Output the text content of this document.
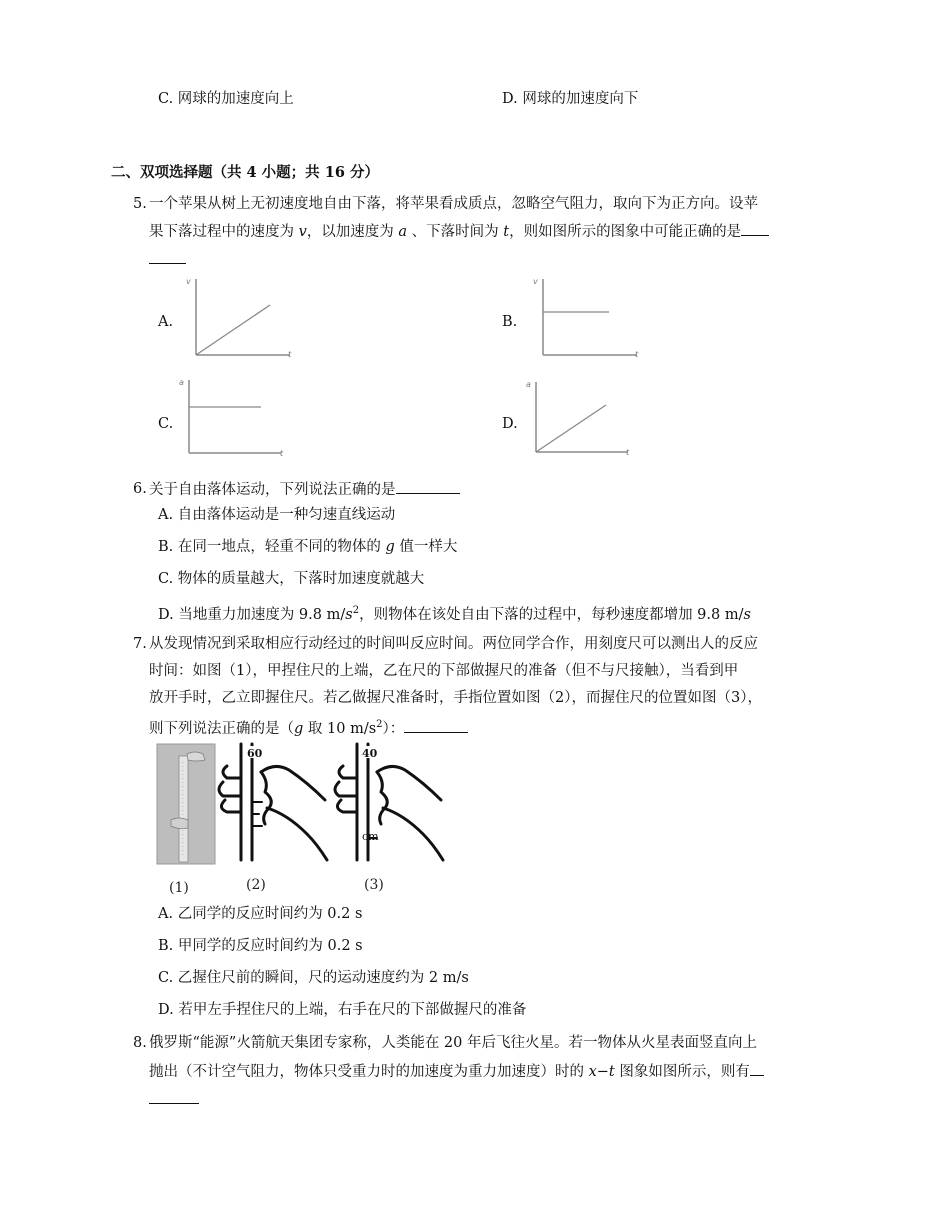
C. 网球的加速度向上	D. 网球的加速度向下
二、双项选择题（共 4 小题；共 16 分）
5. 一个苹果从树上无初速度地自由下落，将苹果看成质点，忽略空气阻力，取向下为正方向。设苹
果下落过程中的速度为 v，以加速度为 a 、下落时间为 t，则如图所示的图象中可能正确的是
A.
v
t
B.
v
t
C.
a
t
D.
a
t
6. 关于自由落体运动，下列说法正确的是
A. 自由落体运动是一种匀速直线运动
B. 在同一地点，轻重不同的物体的 g 值一样大
C. 物体的质量越大，下落时加速度就越大
D. 当地重力加速度为 9.8 $m/s^2$，则物体在该处自由下落的过程中，每秒速度都增加 9.8 m/s
7. 从发现情况到采取相应行动经过的时间叫反应时间。两位同学合作，用刻度尺可以测出人的反应
时间：如图（1），甲捏住尺的上端，乙在尺的下部做握尺的准备（但不与尺接触），当看到甲
放开手时，乙立即握住尺。若乙做握尺准备时，手指位置如图（2），而握住尺的位置如图（3），
则下列说法正确的是（g 取 10 $m/s^2$）：
60	40
cm
(1)	(2)	(3)
A. 乙同学的反应时间约为 0.2 s
B. 甲同学的反应时间约为 0.2 s
C. 乙握住尺前的瞬间，尺的运动速度约为 2 m/s
D. 若甲左手捏住尺的上端，右手在尺的下部做握尺的准备
8. 俄罗斯“能源”火箭航天集团专家称，人类能在 20 年后飞往火星。若一物体从火星表面竖直向上
抛出（不计空气阻力，物体只受重力时的加速度为重力加速度）时的 x−t 图象如图所示，则有
